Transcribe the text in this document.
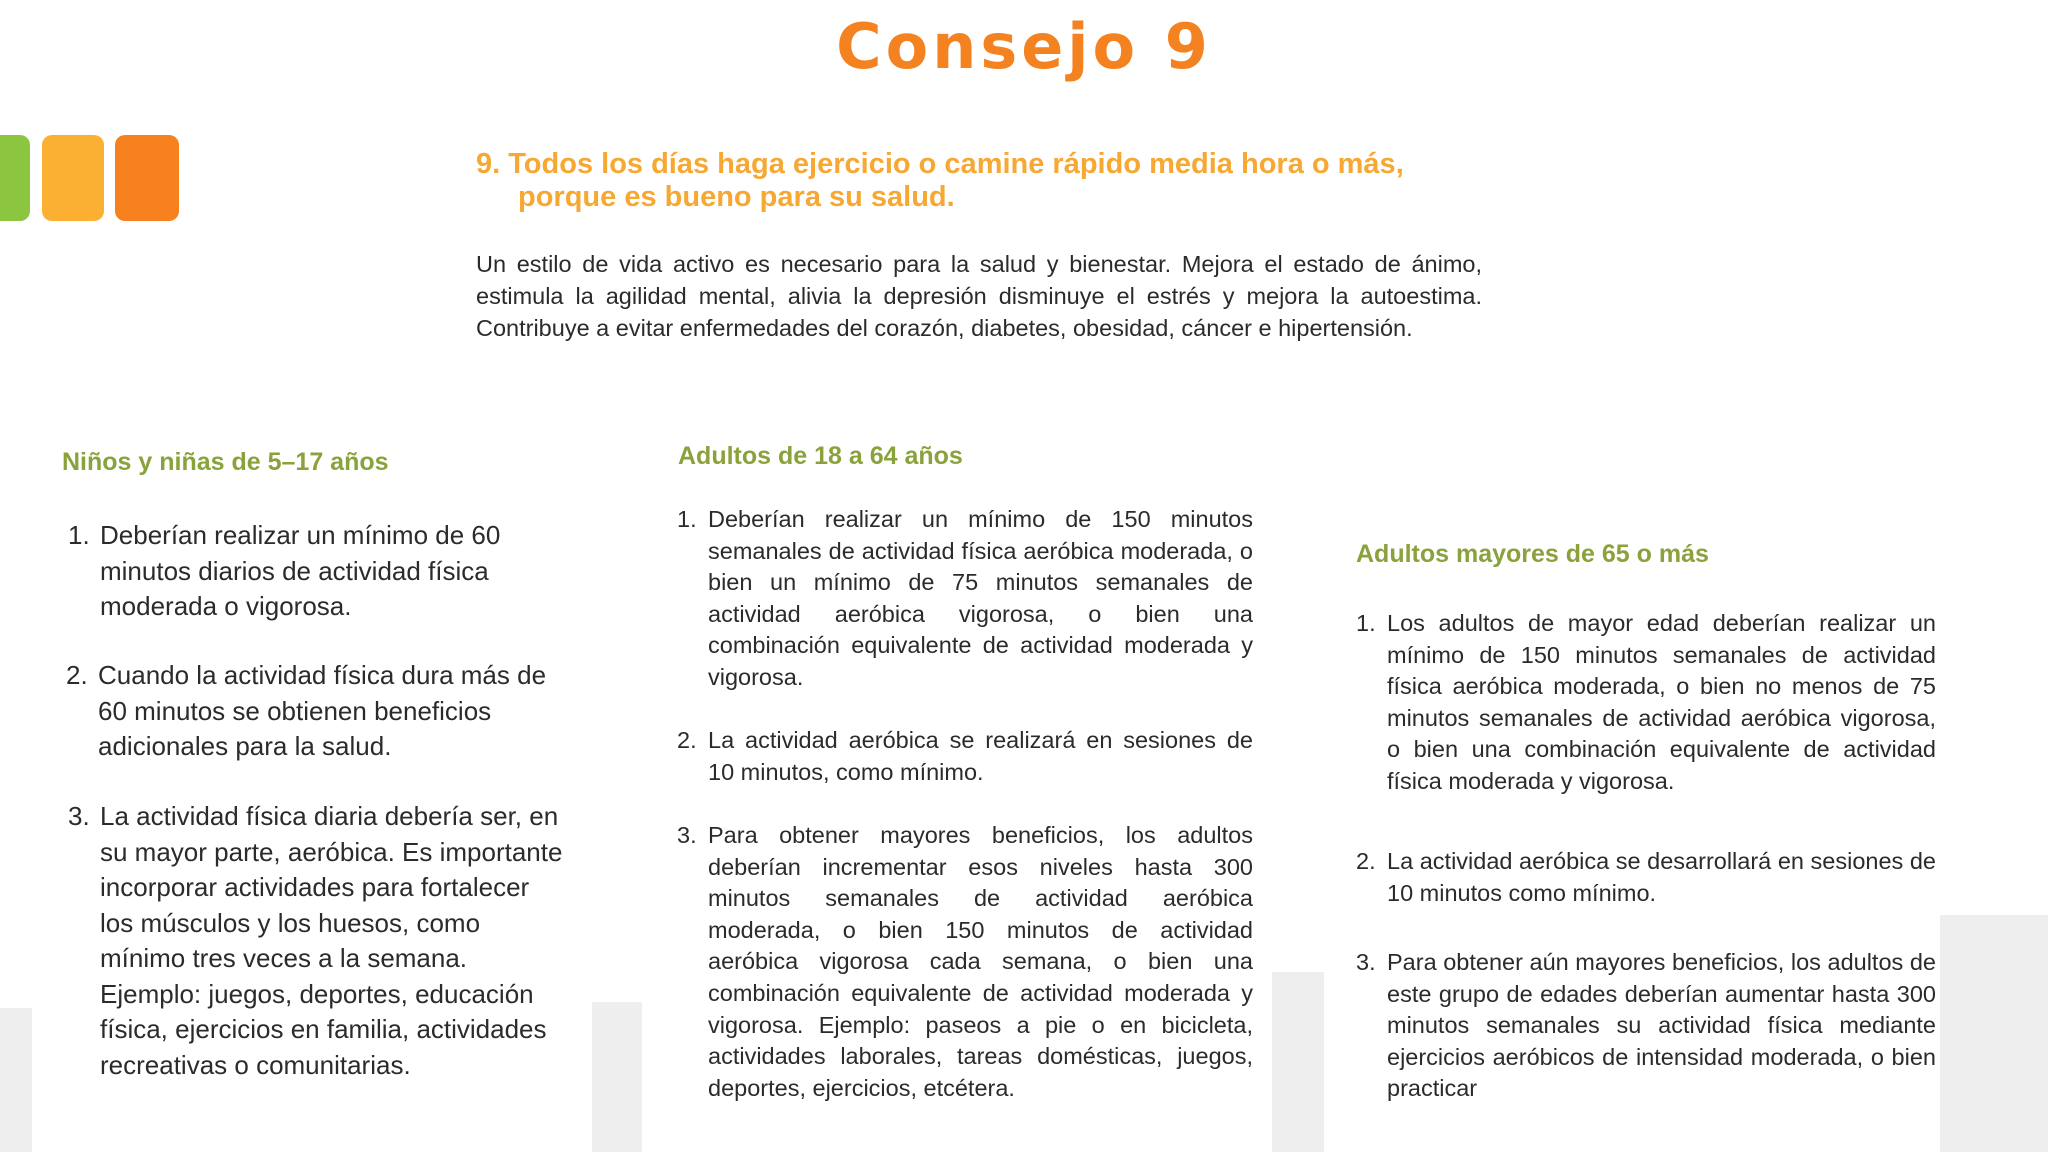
Consejo 9
9. Todos los días haga ejercicio o camine rápido media hora o más,
porque es bueno para su salud.

Un estilo de vida activo es necesario para la salud y bienestar. Mejora el estado de ánimo, estimula la agilidad mental, alivia la depresión disminuye el estrés y mejora la autoestima. Contribuye a evitar enfermedades del corazón, diabetes, obesidad, cáncer e hipertensión.

Niños y niñas de 5–17 años
1. Deberían realizar un mínimo de 60 minutos diarios de actividad física moderada o vigorosa.
2. Cuando la actividad física dura más de 60 minutos se obtienen beneficios adicionales para la salud.
3. La actividad física diaria debería ser, en su mayor parte, aeróbica. Es importante incorporar actividades para fortalecer los músculos y los huesos, como mínimo tres veces a la semana. Ejemplo: juegos, deportes, educación física, ejercicios en familia, actividades recreativas o comunitarias.
Adultos de 18 a 64 años
1. Deberían realizar un mínimo de 150 minutos semanales de actividad física aeróbica moderada, o bien un mínimo de 75 minutos semanales de actividad aeróbica vigorosa, o bien una combinación equivalente de actividad moderada y vigorosa.
2. La actividad aeróbica se realizará en sesiones de 10 minutos, como mínimo.
3. Para obtener mayores beneficios, los adultos deberían incrementar esos niveles hasta 300 minutos semanales de actividad aeróbica moderada, o bien 150 minutos de actividad aeróbica vigorosa cada semana, o bien una combinación equivalente de actividad moderada y vigorosa. Ejemplo: paseos a pie o en bicicleta, actividades laborales, tareas domésticas, juegos, deportes, ejercicios, etcétera.
Adultos mayores de 65 o más
1. Los adultos de mayor edad deberían realizar un mínimo de 150 minutos semanales de actividad física aeróbica moderada, o bien no menos de 75 minutos semanales de actividad aeróbica vigorosa, o bien una combinación equivalente de actividad física moderada y vigorosa.
2. La actividad aeróbica se desarrollará en sesiones de 10 minutos como mínimo.
3. Para obtener aún mayores beneficios, los adultos de este grupo de edades deberían aumentar hasta 300 minutos semanales su actividad física mediante ejercicios aeróbicos de intensidad moderada, o bien practicar
